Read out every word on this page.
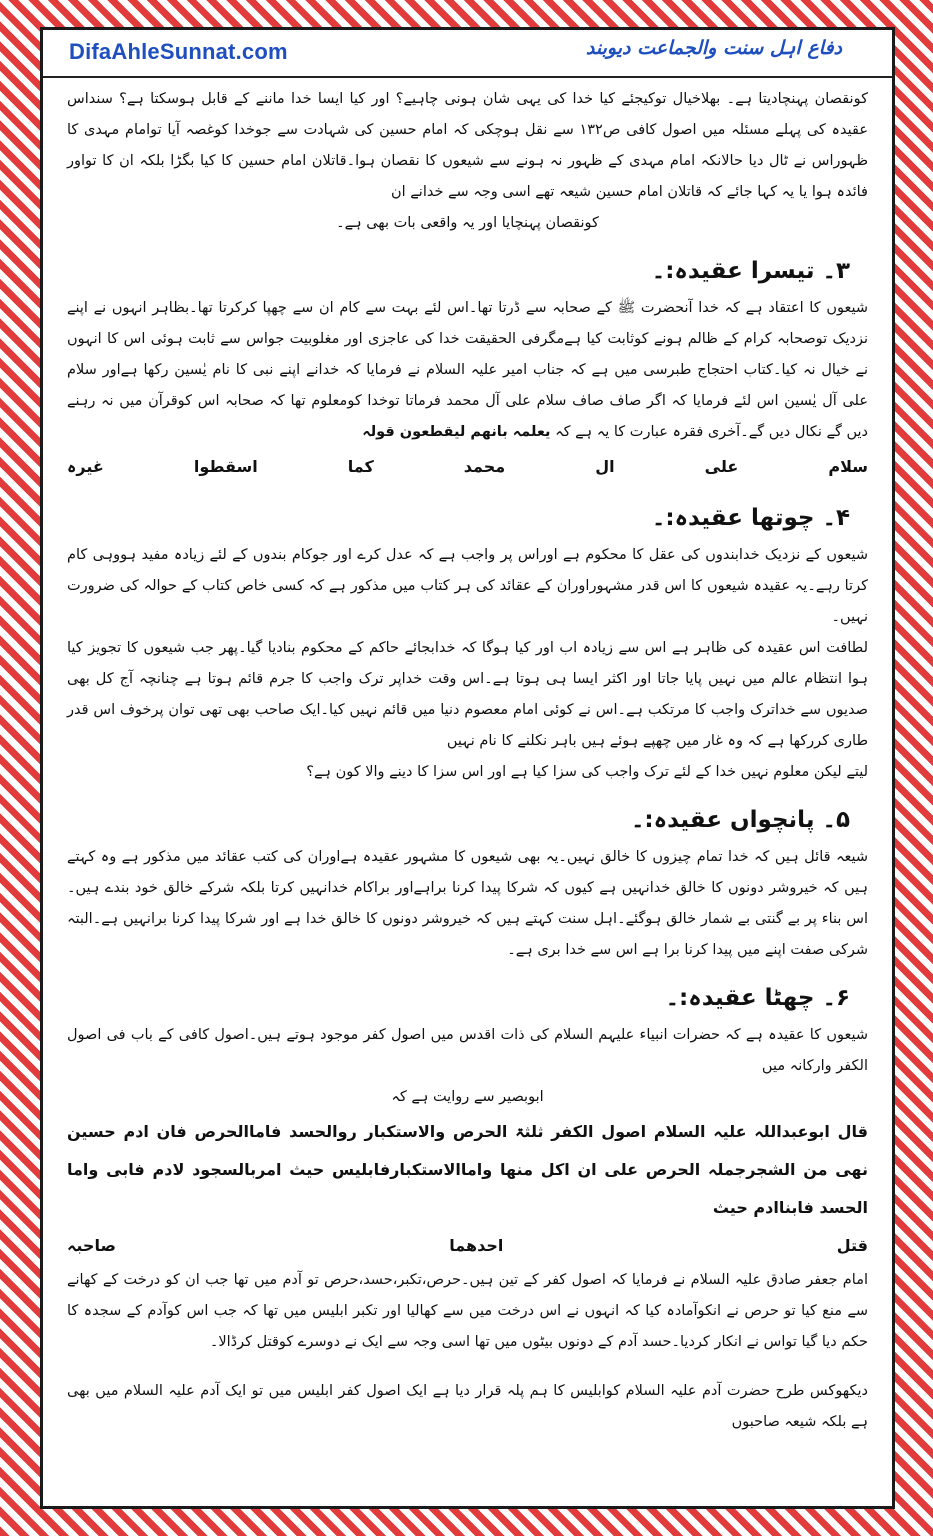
DifaAhleSunnat.com	دفاع اہل سنت والجماعت دیوبند

کونقصان پہنچادیتا ہے۔ بھلاخیال توکیجئے کیا خدا کی یہی شان ہونی چاہیے؟ اور کیا ایسا خدا ماننے کے قابل ہوسکتا ہے؟ سنداس عقیدہ کی پہلے مسئلہ میں اصول کافی ص۱۳۲ سے نقل ہوچکی کہ امام حسین کی شہادت سے جوخدا کوغصہ آیا توامام مہدی کا ظہوراس نے ٹال دیا حالانکہ امام مہدی کے ظہور نہ ہونے سے شیعوں کا نقصان ہوا۔قاتلان امام حسین کا کیا بگڑا بلکہ ان کا تواور فائدہ ہوا یا یہ کہا جائے کہ قاتلان امام حسین شیعہ تھے اسی وجہ سے خدانے ان

کونقصان پہنچایا اور یہ واقعی بات بھی ہے۔

۳۔ تیسرا عقیدہ:۔

شیعوں کا اعتقاد ہے کہ خدا آنحضرت ﷺ کے صحابہ سے ڈرتا تھا۔اس لئے بہت سے کام ان سے چھپا کرکرتا تھا۔بظاہر انہوں نے اپنے نزدیک توصحابہ کرام کے ظالم ہونے کوثابت کیا ہےمگرفی الحقیقت خدا کی عاجزی اور مغلوبیت جواس سے ثابت ہوئی اس کا انہوں نے خیال نہ کیا۔کتاب احتجاج طبرسی میں ہے کہ جناب امیر علیہ السلام نے فرمایا کہ خدانے اپنے نبی کا نام یٰسین رکھا ہےاور سلام علی آل یٰسین اس لئے فرمایا کہ اگر صاف صاف سلام علی آل محمد فرماتا توخدا کومعلوم تھا کہ صحابہ اس کوقرآن میں نہ رہنے دیں گے نکال دیں گے۔آخری فقرہ عبارت کا یہ ہے کہ یعلمہ بانھم لیقطعون قولہ

سلام علی ال محمد کما اسقطوا غیرہ

۴۔ چوتھا عقیدہ:۔

شیعوں کے نزدیک خدابندوں کی عقل کا محکوم ہے اوراس پر واجب ہے کہ عدل کرے اور جوکام بندوں کے لئے زیادہ مفید ہووہی کام کرتا رہے۔یہ عقیدہ شیعوں کا اس قدر مشہوراوران کے عقائد کی ہر کتاب میں مذکور ہے کہ کسی خاص کتاب کے حوالہ کی ضرورت نہیں۔

لطافت اس عقیدہ کی ظاہر ہے اس سے زیادہ اب اور کیا ہوگا کہ خدابجائے حاکم کے محکوم بنادیا گیا۔پھر جب شیعوں کا تجویز کیا ہوا انتظام عالم میں نہیں پایا جاتا اور اکثر ایسا ہی ہوتا ہے۔اس وقت خداپر ترک واجب کا جرم قائم ہوتا ہے چنانچہ آج کل بھی صدیوں سے خداترک واجب کا مرتکب ہے۔اس نے کوئی امام معصوم دنیا میں قائم نہیں کیا۔ایک صاحب بھی تھی توان پرخوف اس قدر طاری کررکھا ہے کہ وہ غار میں چھپے ہوئے ہیں باہر نکلنے کا نام نہیں

لیتے لیکن معلوم نہیں خدا کے لئے ترک واجب کی سزا کیا ہے اور اس سزا کا دینے والا کون ہے؟

۵۔ پانچواں عقیدہ:۔

شیعہ قائل ہیں کہ خدا تمام چیزوں کا خالق نہیں۔یہ بھی شیعوں کا مشہور عقیدہ ہےاوران کی کتب عقائد میں مذکور ہے وہ کہتے ہیں کہ خیروشر دونوں کا خالق خدانہیں ہے کیوں کہ شرکا پیدا کرنا براہےاور براکام خدانہیں کرتا بلکہ شرکے خالق خود بندے ہیں۔اس بناء پر بے گنتی بے شمار خالق ہوگئے۔اہل سنت کہتے ہیں کہ خیروشر دونوں کا خالق خدا ہے اور شرکا پیدا کرنا برانہیں ہے۔البتہ شرکی صفت اپنے میں پیدا کرنا برا ہے اس سے خدا بری ہے۔

۶۔ چھٹا عقیدہ:۔

شیعوں کا عقیدہ ہے کہ حضرات انبیاء علیہم السلام کی ذات اقدس میں اصول کفر موجود ہوتے ہیں۔اصول کافی کے باب فی اصول الکفر وارکانہ میں

ابوبصیر سے روایت ہے کہ

قال ابوعبداللہ علیہ السلام اصول الکفر ثلثۃ الحرص والاستکبار روالحسد فاماالحرص فان ادم حسین نھی من الشجرجملہ الحرص علی ان اکل منھا واماالاستکبارفابلیس حیث امربالسجود لادم فابی واما الحسد فابناادم حیث

قتل احدھما صاحبہ

امام جعفر صادق علیہ السلام نے فرمایا کہ اصول کفر کے تین ہیں۔حرص،تکبر،حسد،حرص تو آدم میں تھا جب ان کو درخت کے کھانے سے منع کیا تو حرص نے انکوآمادہ کیا کہ انہوں نے اس درخت میں سے کھالیا اور تکبر ابلیس میں تھا کہ جب اس کوآدم کے سجدہ کا حکم دیا گیا تواس نے انکار کردیا۔حسد آدم کے دونوں بیٹوں میں تھا اسی وجہ سے ایک نے دوسرے کوقتل کرڈالا۔

دیکھوکس طرح حضرت آدم علیہ السلام کوابلیس کا ہم پلہ قرار دیا ہے ایک اصول کفر ابلیس میں تو ایک آدم علیہ السلام میں بھی ہے بلکہ شیعہ صاحبوں
